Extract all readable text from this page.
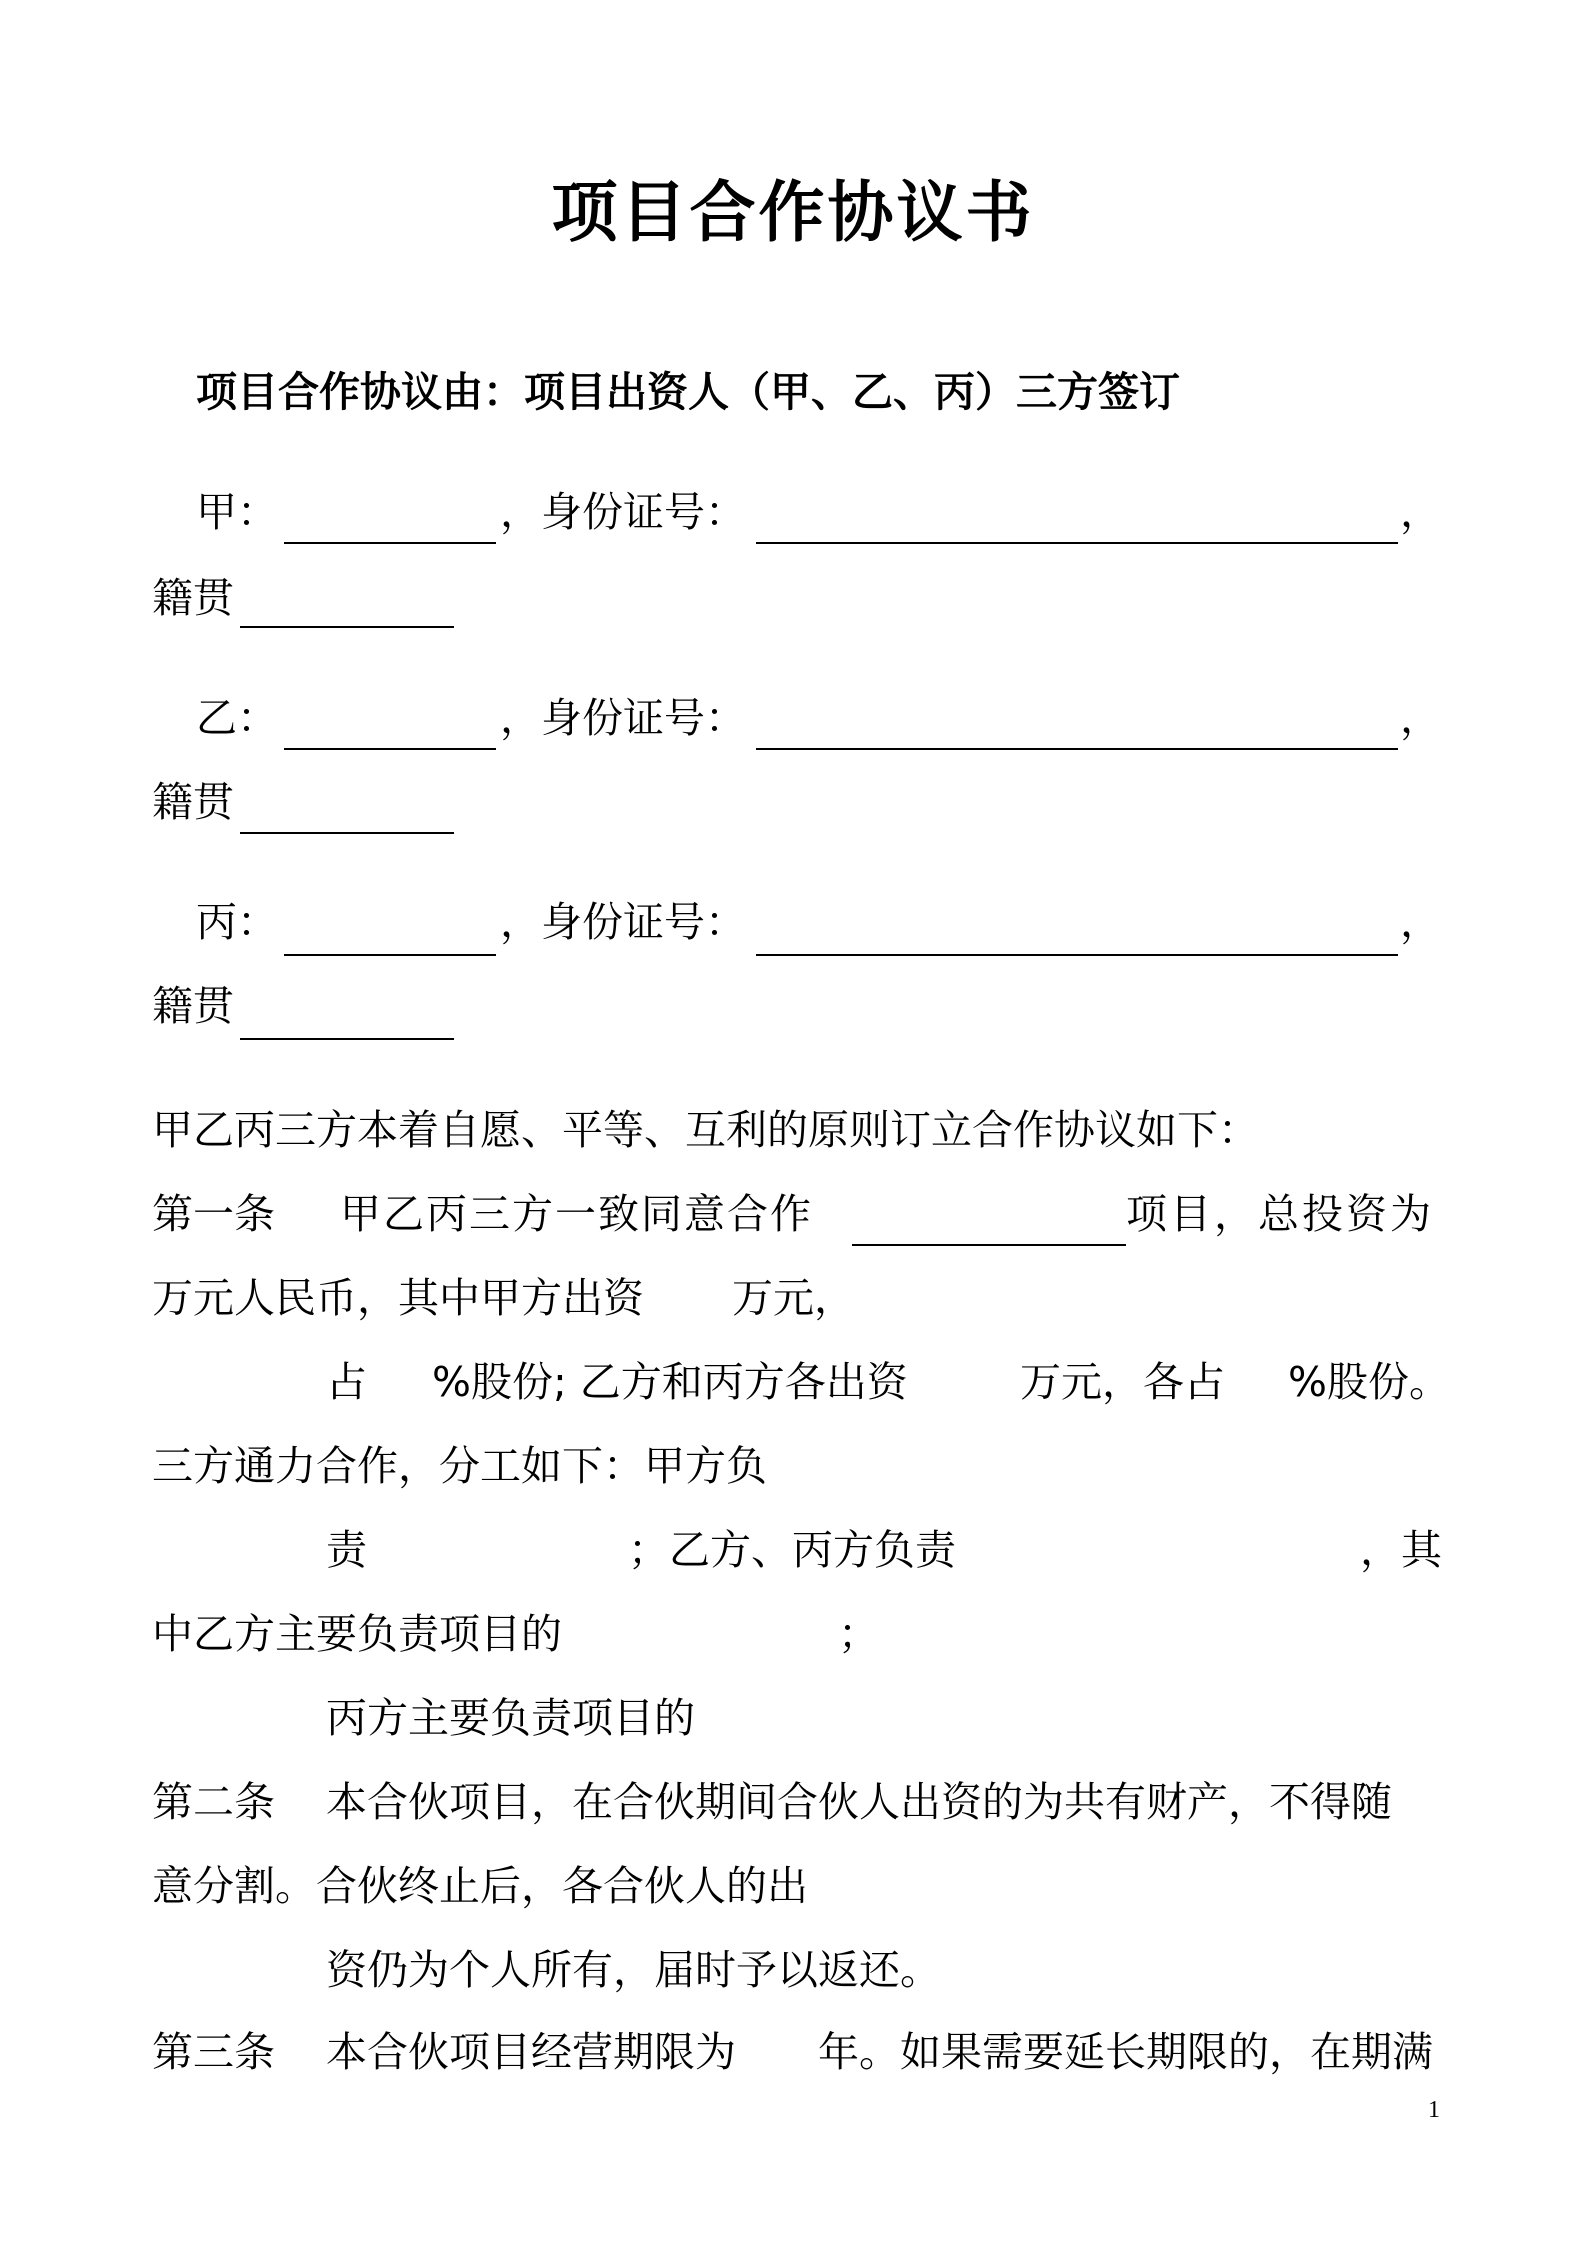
项目合作协议书
项目合作协议由：项目出资人（甲、乙、丙）三方签订
甲：	，身份证号：	，
籍贯
乙：	，身份证号：	，
籍贯
丙：	，身份证号：	，
籍贯
甲乙丙三方本着自愿、平等、互利的原则订立合作协议如下：
第一条 甲乙丙三方一致同意合作	项目，总投资为
万元人民币，其中甲方出资 万元，
占 %股份; 乙方和丙方各出资	万元，各占 %股份。
三方通力合作，分工如下：甲方负
责	；乙方、丙方负责	，其
中乙方主要负责项目的	；
丙方主要负责项目的
第二条 本合伙项目，在合伙期间合伙人出资的为共有财产，不得随
意分割。合伙终止后，各合伙人的出
资仍为个人所有，届时予以返还。
第三条 本合伙项目经营期限为 年。如果需要延长期限的，在期满
1
